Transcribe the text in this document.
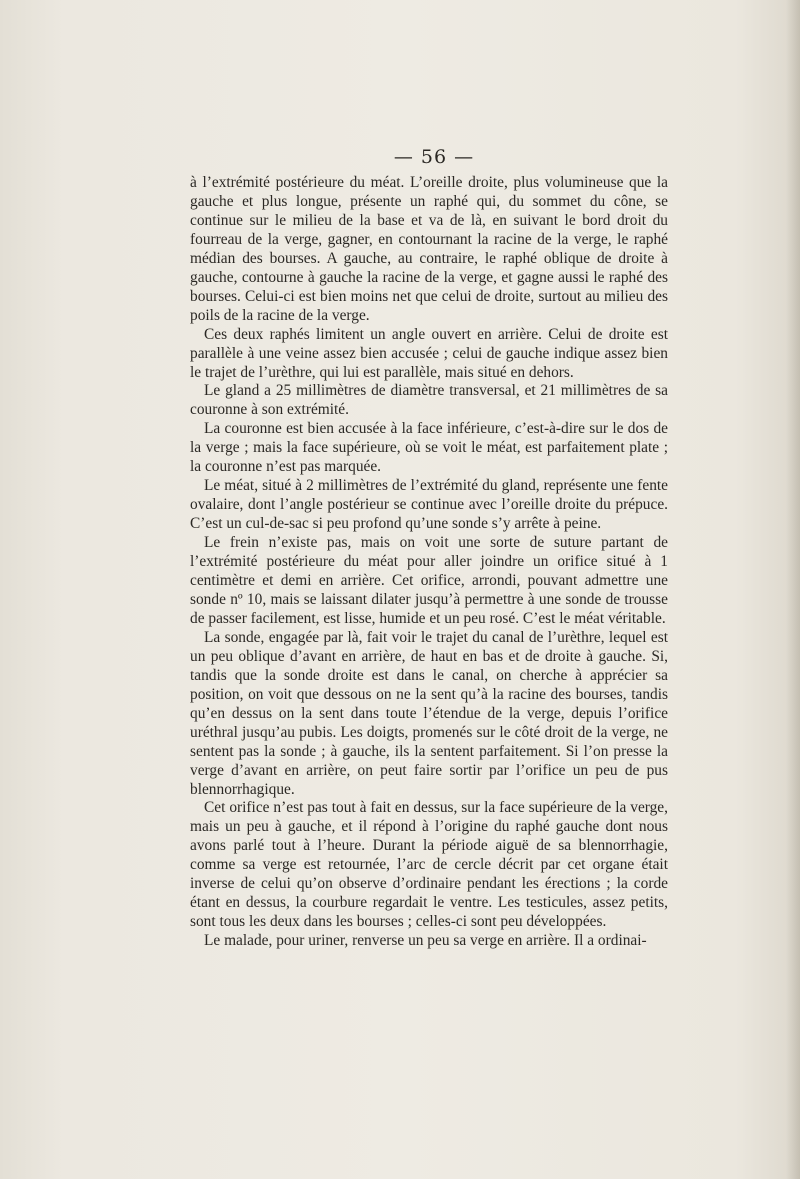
— 56 —

à l’extrémité postérieure du méat. L’oreille droite, plus volumineuse que la gauche et plus longue, présente un raphé qui, du sommet du cône, se continue sur le milieu de la base et va de là, en suivant le bord droit du fourreau de la verge, gagner, en contournant la racine de la verge, le raphé médian des bourses. A gauche, au contraire, le raphé oblique de droite à gauche, contourne à gauche la racine de la verge, et gagne aussi le raphé des bourses. Celui-ci est bien moins net que celui de droite, surtout au milieu des poils de la racine de la verge.

Ces deux raphés limitent un angle ouvert en arrière. Celui de droite est parallèle à une veine assez bien accusée ; celui de gauche indique assez bien le trajet de l’urèthre, qui lui est parallèle, mais situé en dehors.

Le gland a 25 millimètres de diamètre transversal, et 21 millimètres de sa couronne à son extrémité.

La couronne est bien accusée à la face inférieure, c’est-à-dire sur le dos de la verge ; mais la face supérieure, où se voit le méat, est parfaitement plate ; la couronne n’est pas marquée.

Le méat, situé à 2 millimètres de l’extrémité du gland, représente une fente ovalaire, dont l’angle postérieur se continue avec l’oreille droite du prépuce. C’est un cul-de-sac si peu profond qu’une sonde s’y arrête à peine.

Le frein n’existe pas, mais on voit une sorte de suture partant de l’extrémité postérieure du méat pour aller joindre un orifice situé à 1 centimètre et demi en arrière. Cet orifice, arrondi, pouvant admettre une sonde nº 10, mais se laissant dilater jusqu’à permettre à une sonde de trousse de passer facilement, est lisse, humide et un peu rosé. C’est le méat véritable.

La sonde, engagée par là, fait voir le trajet du canal de l’urèthre, lequel est un peu oblique d’avant en arrière, de haut en bas et de droite à gauche. Si, tandis que la sonde droite est dans le canal, on cherche à apprécier sa position, on voit que dessous on ne la sent qu’à la racine des bourses, tandis qu’en dessus on la sent dans toute l’étendue de la verge, depuis l’orifice uréthral jusqu’au pubis. Les doigts, promenés sur le côté droit de la verge, ne sentent pas la sonde ; à gauche, ils la sentent parfaitement. Si l’on presse la verge d’avant en arrière, on peut faire sortir par l’orifice un peu de pus blennorrhagique.

Cet orifice n’est pas tout à fait en dessus, sur la face supérieure de la verge, mais un peu à gauche, et il répond à l’origine du raphé gauche dont nous avons parlé tout à l’heure. Durant la période aiguë de sa blennorrhagie, comme sa verge est retournée, l’arc de cercle décrit par cet organe était inverse de celui qu’on observe d’ordinaire pendant les érections ; la corde étant en dessus, la courbure regardait le ventre. Les testicules, assez petits, sont tous les deux dans les bourses ; celles-ci sont peu développées.

Le malade, pour uriner, renverse un peu sa verge en arrière. Il a ordinai-
